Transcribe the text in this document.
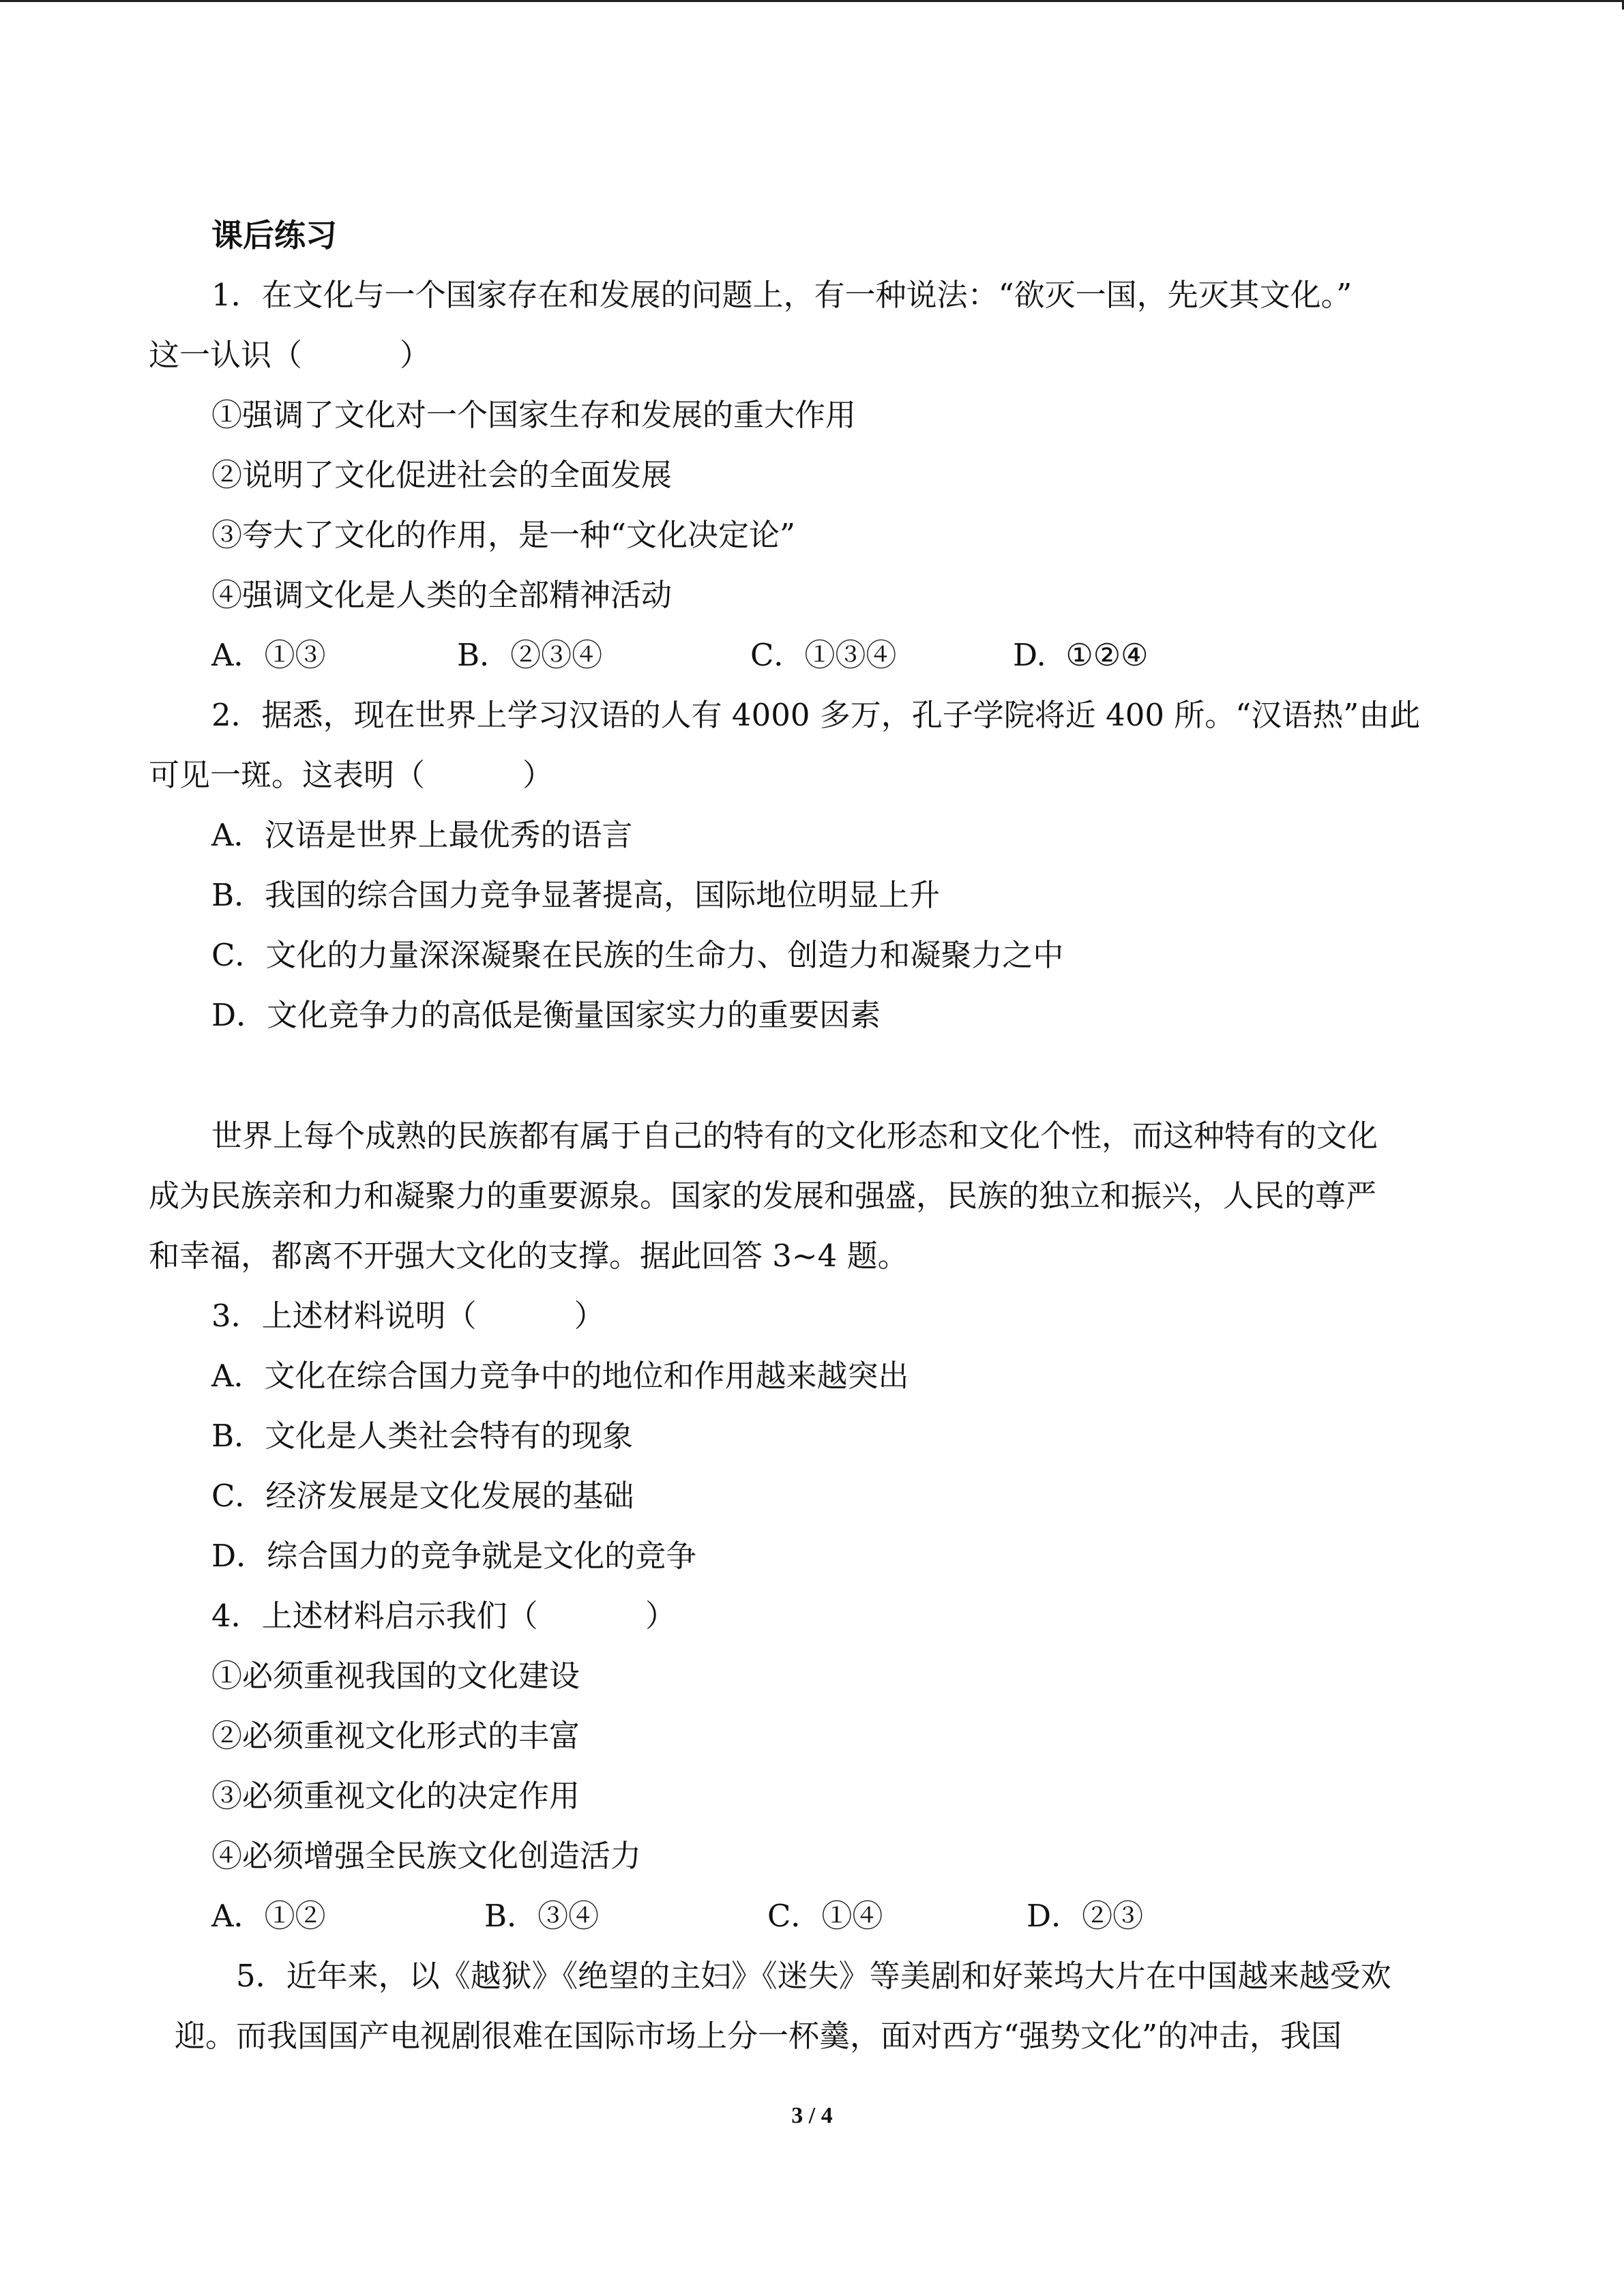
课后练习
1．在文化与一个国家存在和发展的问题上，有一种说法：“欲灭一国，先灭其文化。”
这一认识（          ）
①强调了文化对一个国家生存和发展的重大作用
②说明了文化促进社会的全面发展
③夸大了文化的作用，是一种“文化决定论”
④强调文化是人类的全部精神活动

A．①③

	B．②③④

	C．①③④

	D.  ①②④

2．据悉，现在世界上学习汉语的人有 4000 多万，孔子学院将近 400 所。“汉语热”由此
可见一斑。这表明（          ）
A．汉语是世界上最优秀的语言
B．我国的综合国力竞争显著提高，国际地位明显上升
C．文化的力量深深凝聚在民族的生命力、创造力和凝聚力之中
D．文化竞争力的高低是衡量国家实力的重要因素
世界上每个成熟的民族都有属于自己的特有的文化形态和文化个性，而这种特有的文化
成为民族亲和力和凝聚力的重要源泉。国家的发展和强盛，民族的独立和振兴，人民的尊严
和幸福，都离不开强大文化的支撑。据此回答 3~4 题。
3．上述材料说明（          ）
A．文化在综合国力竞争中的地位和作用越来越突出
B．文化是人类社会特有的现象
C．经济发展是文化发展的基础
D．综合国力的竞争就是文化的竞争
4．上述材料启示我们（           ）
①必须重视我国的文化建设
②必须重视文化形式的丰富
③必须重视文化的决定作用
④必须增强全民族文化创造活力

A．①②

	B．③④

	C．①④

	D．②③

5．近年来，以《越狱》《绝望的主妇》《迷失》等美剧和好莱坞大片在中国越来越受欢
迎。而我国国产电视剧很难在国际市场上分一杯羹，面对西方“强势文化”的冲击，我国
3 / 4
